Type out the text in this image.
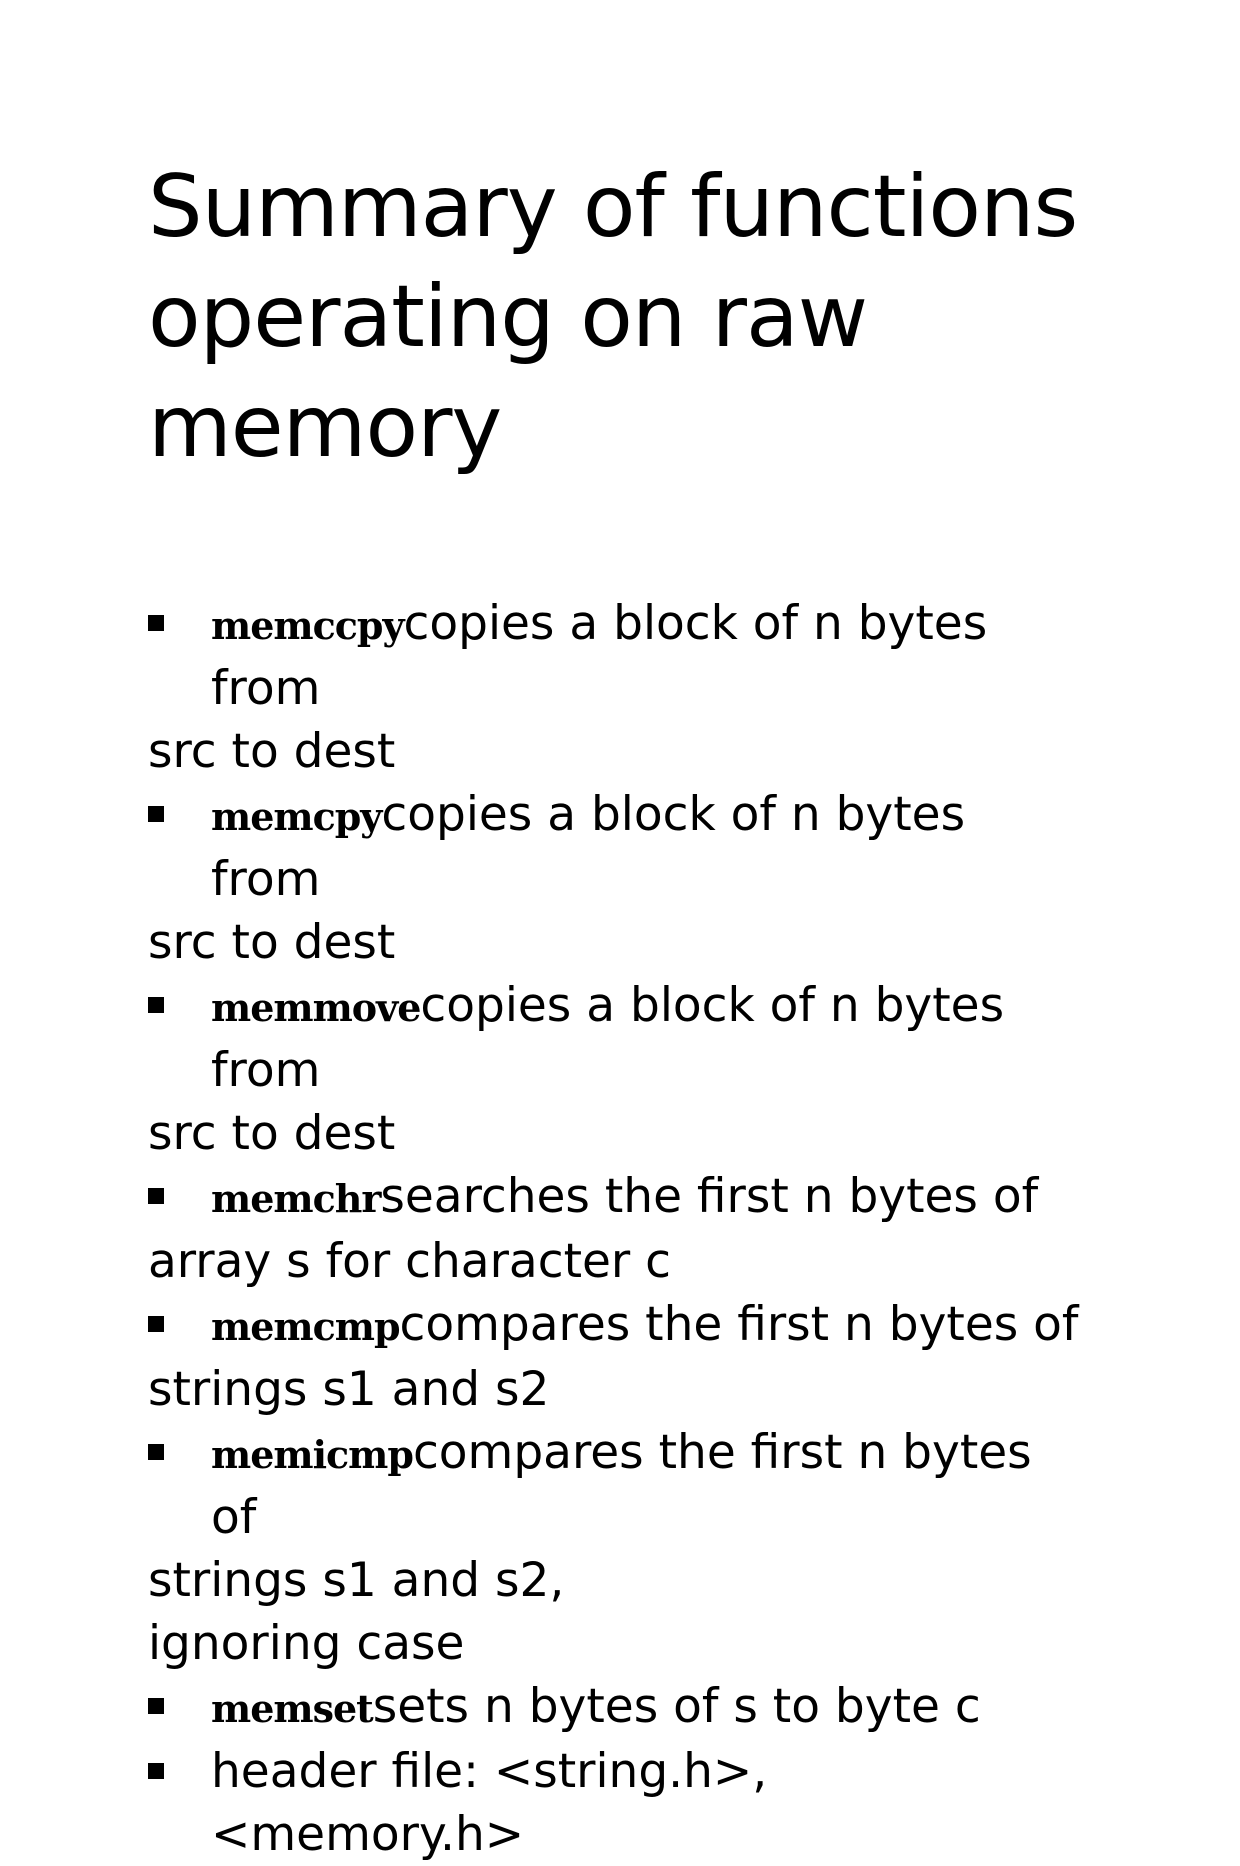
Summary of functions
operating on raw
memory
memccpycopies a block of n bytes from
src to dest
memcpycopies a block of n bytes from
src to dest
memmovecopies a block of n bytes from
src to dest
memchrsearches the first n bytes of
array s for character c
memcmpcompares the first n bytes of
strings s1 and s2
memicmpcompares the first n bytes of
strings s1 and s2,
ignoring case
memsetsets n bytes of s to byte c
header file: <string.h>, <memory.h>
